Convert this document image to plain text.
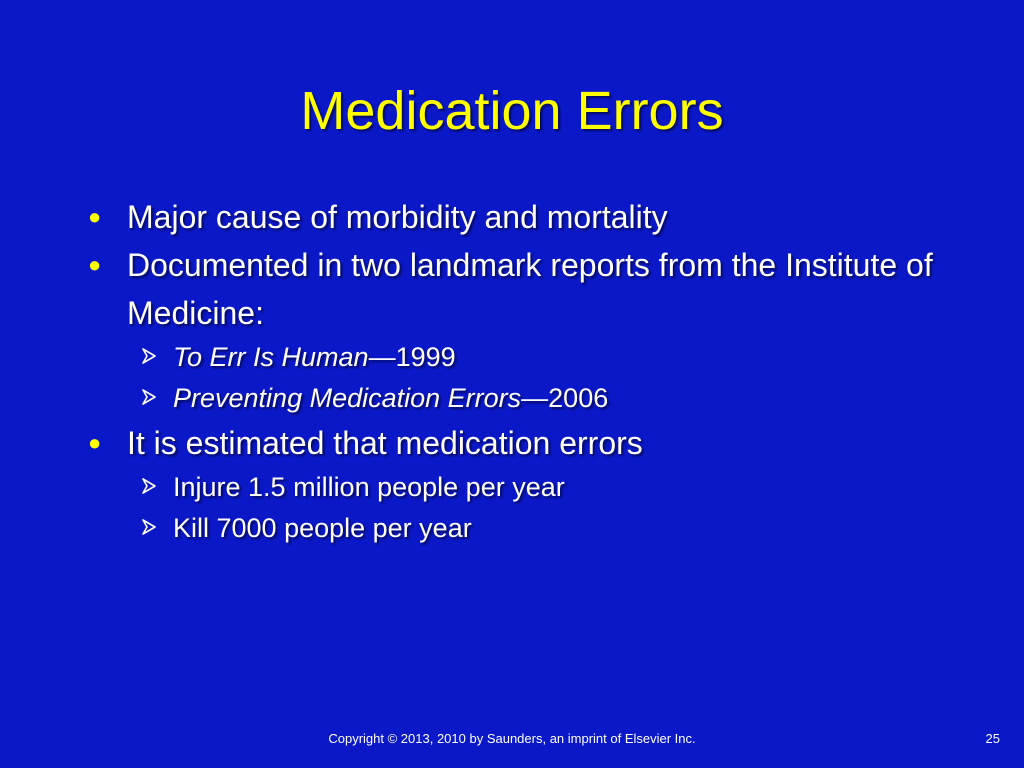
Medication Errors
● Major cause of morbidity and mortality
● Documented in two landmark reports from the Institute of Medicine:
To Err Is Human—1999
Preventing Medication Errors—2006
● It is estimated that medication errors
Injure 1.5 million people per year
Kill 7000 people per year
Copyright © 2013, 2010 by Saunders, an imprint of Elsevier Inc.	25
